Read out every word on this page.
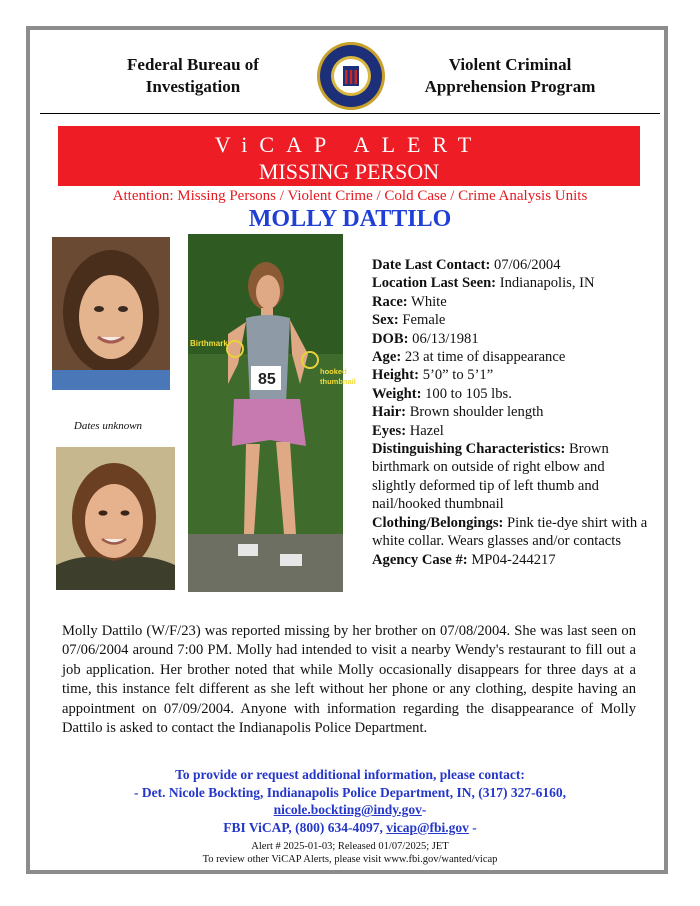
Federal Bureau of
Investigation
Violent Criminal
Apprehension Program
ViCAP ALERT
MISSING PERSON
Attention: Missing Persons / Violent Crime / Cold Case / Crime Analysis Units
MOLLY DATTILO
Dates unknown
Birthmark
hooked
thumbnail
85

Date Last Contact: 07/06/2004

Location Last Seen: Indianapolis, IN

Race: White

Sex: Female

DOB: 06/13/1981

Age: 23 at time of disappearance

Height: 5’0” to 5’1”

Weight: 100 to 105 lbs.

Hair: Brown shoulder length

Eyes: Hazel

Distinguishing Characteristics: Brown birthmark on outside of right elbow and slightly deformed tip of left thumb and nail/hooked thumbnail

Clothing/Belongings: Pink tie-dye shirt with a white collar. Wears glasses and/or contacts

Agency Case #: MP04-244217

Molly Dattilo (W/F/23) was reported missing by her brother on 07/08/2004. She was last seen on 07/06/2004 around 7:00 PM. Molly had intended to visit a nearby Wendy's restaurant to fill out a job application. Her brother noted that while Molly occasionally disappears for three days at a time, this instance felt different as she left without her phone or any clothing, despite having an appointment on 07/09/2004. Anyone with information regarding the disappearance of Molly Dattilo is asked to contact the Indianapolis Police Department.
To provide or request additional information, please contact:
- Det. Nicole Bockting, Indianapolis Police Department, IN, (317) 327-6160,
nicole.bockting@indy.gov-
FBI ViCAP, (800) 634-4097, vicap@fbi.gov -
Alert # 2025-01-03; Released 01/07/2025; JET
To review other ViCAP Alerts, please visit www.fbi.gov/wanted/vicap
